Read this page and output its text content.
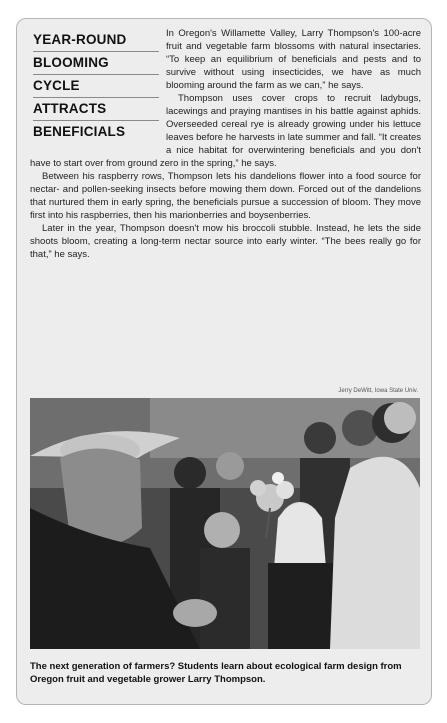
In Oregon's Willamette Valley, Larry Thompson's 100-acre fruit and vegetable farm blossoms with natural insectaries. “To keep an equilibrium of beneficials and pests and to survive without using insecticides, we have as much blooming around the farm as we can,” he says.

Thompson uses cover crops to recruit ladybugs, lacewings and praying mantises in his battle against aphids. Overseeded cereal rye is already growing under his lettuce leaves before he harvests in late summer and fall. “It creates a nice habitat for overwintering beneficials and you don't have to start over from ground zero in the spring,” he says.

Between his raspberry rows, Thompson lets his dandelions flower into a food source for nectar- and pollen-seeking insects before mowing them down. Forced out of the dandelions that nurtured them in early spring, the beneficials pursue a succession of bloom. They move first into his raspberries, then his marionberries and boysenberries.

Later in the year, Thompson doesn't mow his broccoli stubble. Instead, he lets the side shoots bloom, creating a long-term nectar source into early winter. “The bees really go for that,” he says.

YEAR-ROUND
BLOOMING
CYCLE
ATTRACTS
BENEFICIALS
Jerry DeWitt, Iowa State Univ.
The next generation of farmers? Students learn about ecological farm design from Oregon fruit and vegetable grower Larry Thompson.
